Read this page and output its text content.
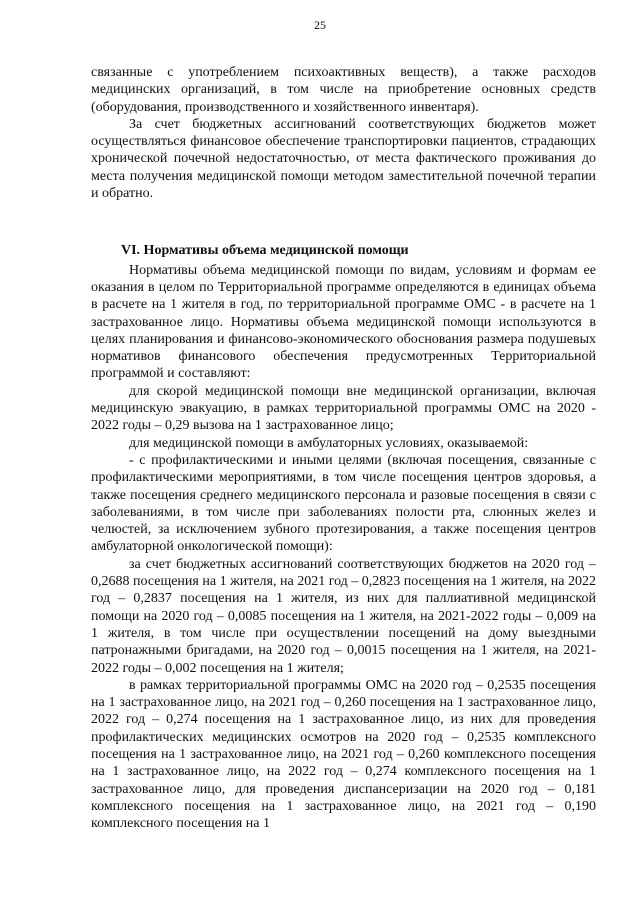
25

связанные с употреблением психоактивных веществ), а также расходов медицинских организаций, в том числе на приобретение основных средств (оборудования, производственного и хозяйственного инвентаря).

За счет бюджетных ассигнований соответствующих бюджетов может осуществляться финансовое обеспечение транспортировки пациентов, страдающих хронической почечной недостаточностью, от места фактического проживания до места получения медицинской помощи методом заместительной почечной терапии и обратно.

VI. Нормативы объема медицинской помощи

Нормативы объема медицинской помощи по видам, условиям и формам ее оказания в целом по Территориальной программе определяются в единицах объема в расчете на 1 жителя в год, по территориальной программе ОМС - в расчете на 1 застрахованное лицо. Нормативы объема медицинской помощи используются в целях планирования и финансово-экономического обоснования размера подушевых нормативов финансового обеспечения предусмотренных Территориальной программой и составляют:

для скорой медицинской помощи вне медицинской организации, включая медицинскую эвакуацию, в рамках территориальной программы ОМС на 2020 - 2022 годы – 0,29 вызова на 1 застрахованное лицо;

для медицинской помощи в амбулаторных условиях, оказываемой:

- с профилактическими и иными целями (включая посещения, связанные с профилактическими мероприятиями, в том числе посещения центров здоровья, а также посещения среднего медицинского персонала и разовые посещения в связи с заболеваниями, в том числе при заболеваниях полости рта, слюнных желез и челюстей, за исключением зубного протезирования, а также посещения центров амбулаторной онкологической помощи):

за счет бюджетных ассигнований соответствующих бюджетов на 2020 год – 0,2688 посещения на 1 жителя, на 2021 год – 0,2823 посещения на 1 жителя, на 2022 год – 0,2837 посещения на 1 жителя, из них для паллиативной медицинской помощи на 2020 год – 0,0085 посещения на 1 жителя, на 2021-2022 годы – 0,009 на 1 жителя, в том числе при осуществлении посещений на дому выездными патронажными бригадами, на 2020 год – 0,0015 посещения на 1 жителя, на 2021-2022 годы – 0,002 посещения на 1 жителя;

в рамках территориальной программы ОМС на 2020 год – 0,2535 посещения на 1 застрахованное лицо, на 2021 год – 0,260 посещения на 1 застрахованное лицо, 2022 год – 0,274 посещения на 1 застрахованное лицо, из них для проведения профилактических медицинских осмотров на 2020 год – 0,2535 комплексного посещения на 1 застрахованное лицо, на 2021 год – 0,260 комплексного посещения на 1 застрахованное лицо, на 2022 год – 0,274 комплексного посещения на 1 застрахованное лицо, для проведения диспансеризации на 2020 год – 0,181 комплексного посещения на 1 застрахованное лицо, на 2021 год – 0,190 комплексного посещения на 1
